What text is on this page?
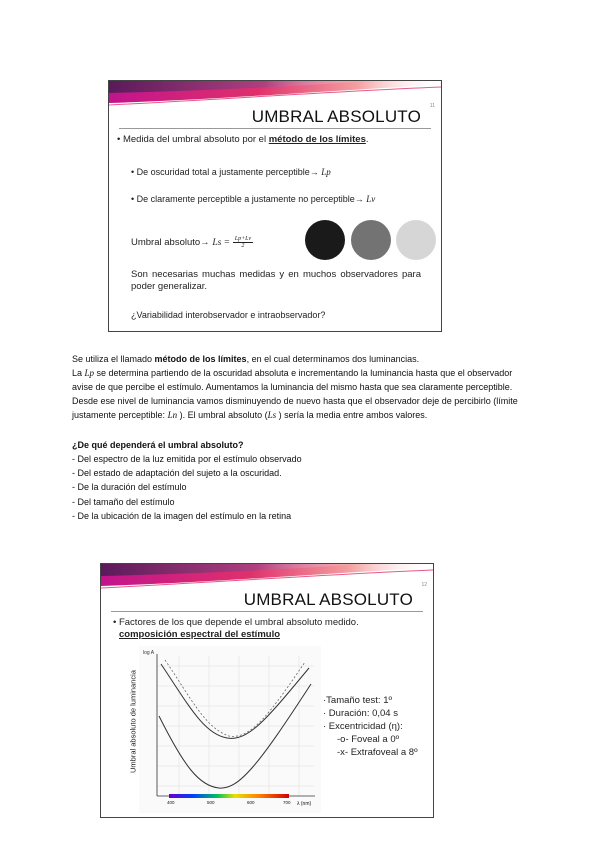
11
UMBRAL ABSOLUTO
• Medida del umbral absoluto por el método de los límites.
• De oscuridad total a justamente perceptible→ Lp
• De claramente perceptible a justamente no perceptible→ Lv
Umbral absoluto→ $Ls = \frac{Lp+Lv}{2}$
Son necesarias muchas medidas y en muchos observadores para poder generalizar.
¿Variabilidad interobservador e intraobservador?
Se utiliza el llamado método de los límites, en el cual determinamos dos luminancias.
La Lp se determina partiendo de la oscuridad absoluta e incrementando la luminancia hasta que el observador avise de que percibe el estímulo. Aumentamos la luminancia del mismo hasta que sea claramente perceptible. Desde ese nivel de luminancia vamos disminuyendo de nuevo hasta que el observador deje de percibirlo (límite justamente perceptible: Ln ). El umbral absoluto (Ls ) sería la media entre ambos valores.
¿De qué dependerá el umbral absoluto?
- Del espectro de la luz emitida por el estímulo observado
- Del estado de adaptación del sujeto a la oscuridad.
- De la duración del estímulo
- Del tamaño del estímulo
- De la ubicación de la imagen del estímulo en la retina
12
UMBRAL ABSOLUTO
• Factores de los que depende el umbral absoluto medido.
composición espectral del estímulo
Umbral absoluto de luminancia
log A
400	500	600	700 λ (nm)
·Tamaño test: 1º
· Duración: 0,04 s
· Excentricidad (η):
-o- Foveal a 0º
-x- Extrafoveal a 8º
